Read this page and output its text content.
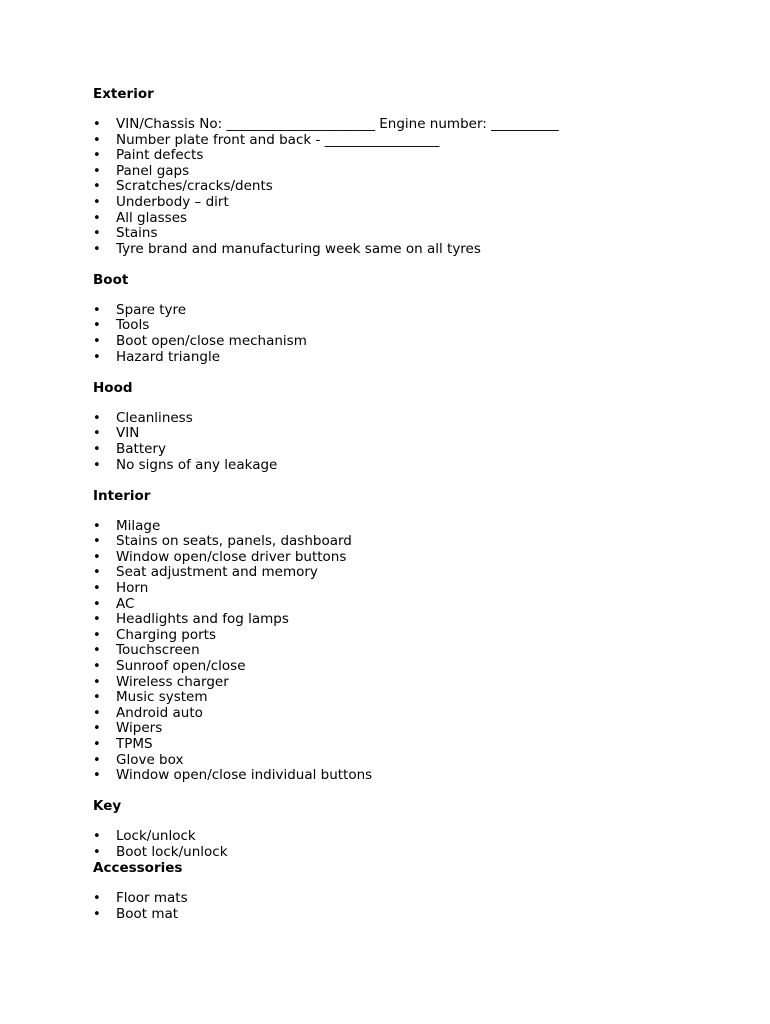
Exterior
• VIN/Chassis No: ______________________ Engine number: __________
• Number plate front and back - _________________
• Paint defects
• Panel gaps
• Scratches/cracks/dents
• Underbody – dirt
• All glasses
• Stains
• Tyre brand and manufacturing week same on all tyres
Boot
• Spare tyre
• Tools
• Boot open/close mechanism
• Hazard triangle
Hood
• Cleanliness
• VIN
• Battery
• No signs of any leakage
Interior
• Milage
• Stains on seats, panels, dashboard
• Window open/close driver buttons
• Seat adjustment and memory
• Horn
• AC
• Headlights and fog lamps
• Charging ports
• Touchscreen
• Sunroof open/close
• Wireless charger
• Music system
• Android auto
• Wipers
• TPMS
• Glove box
• Window open/close individual buttons
Key
• Lock/unlock
• Boot lock/unlock
Accessories
• Floor mats
• Boot mat
